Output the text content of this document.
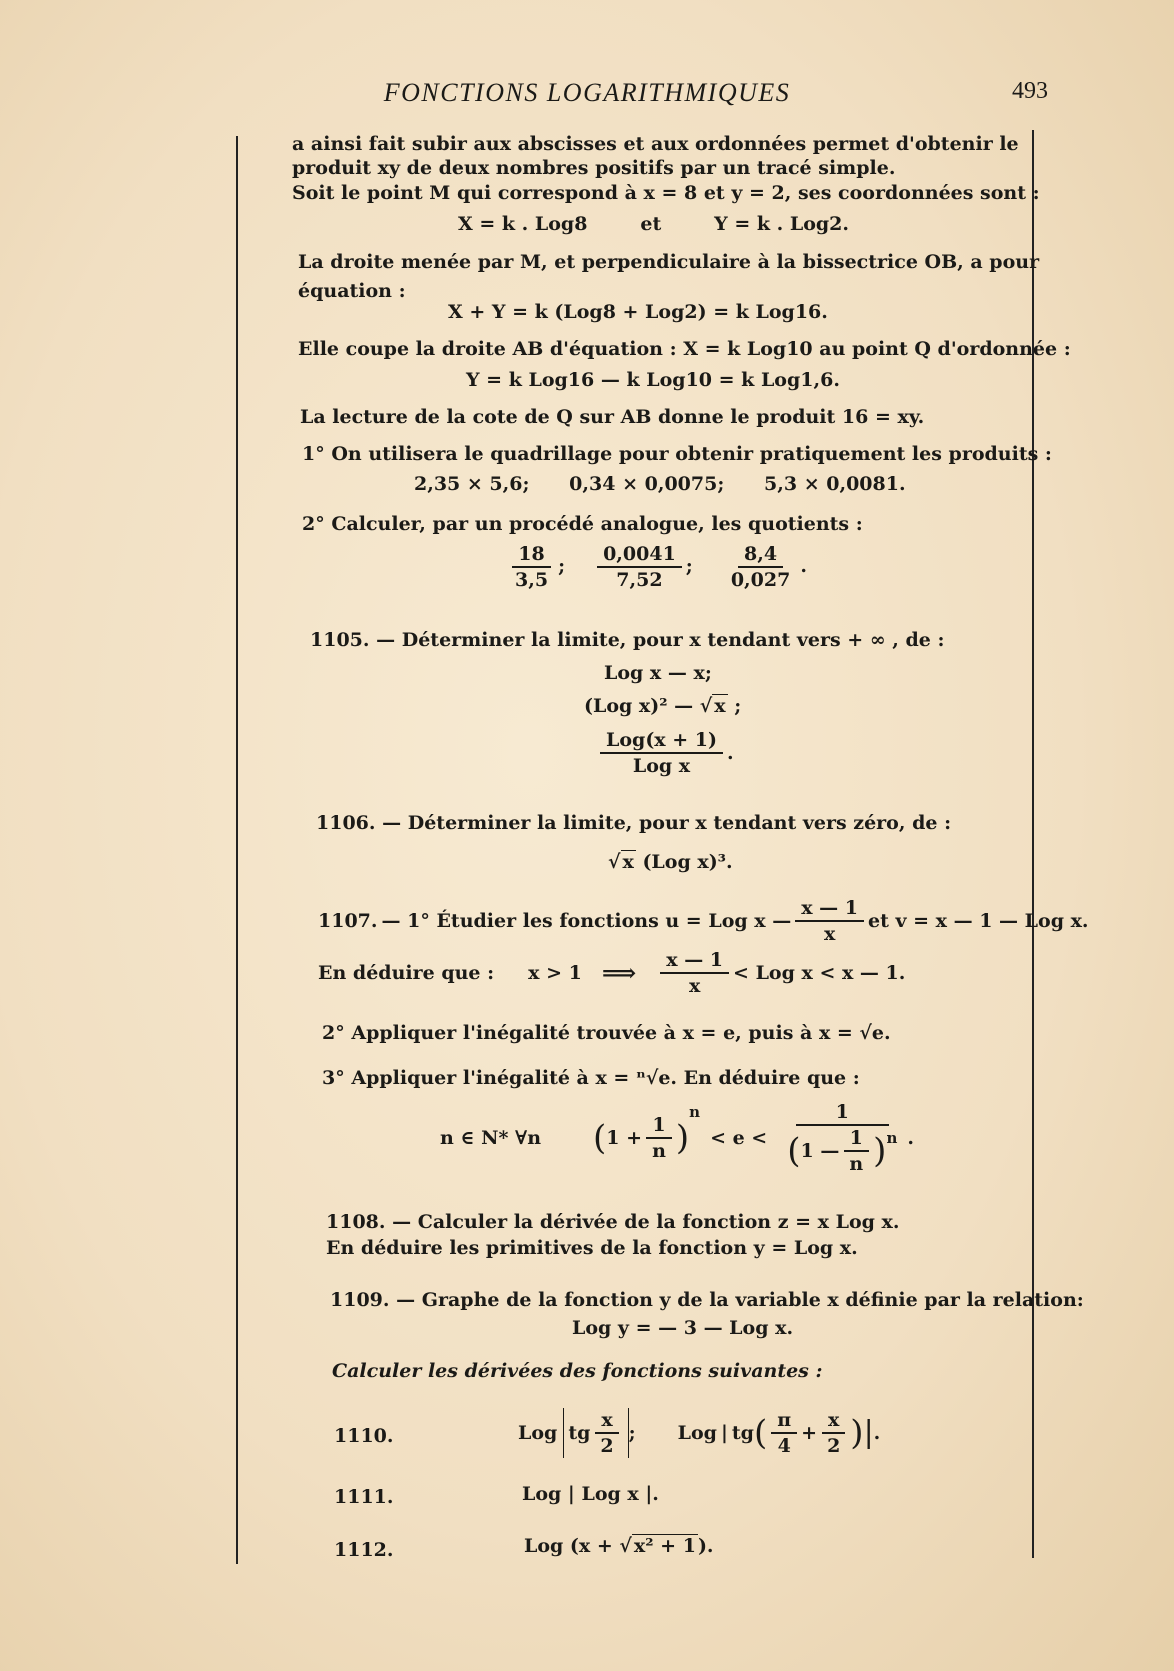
FONCTIONS LOGARITHMIQUES	493
a ainsi fait subir aux abscisses et aux ordonnées permet d'obtenir le
produit xy de deux nombres positifs par un tracé simple.
Soit le point M qui correspond à x = 8 et y = 2, ses coordonnées sont :
X = k . Log8        et        Y = k . Log2.
La droite menée par M, et perpendiculaire à la bissectrice OB, a pour
équation :
X + Y = k (Log8 + Log2) = k Log16.
Elle coupe la droite AB d'équation : X = k Log10 au point Q d'ordonnée :
Y = k Log16 — k Log10 = k Log1,6.
La lecture de la cote de Q sur AB donne le produit 16 = xy.
1° On utilisera le quadrillage pour obtenir pratiquement les produits :
2,35 × 5,6;      0,34 × 0,0075;      5,3 × 0,0081.
2° Calculer, par un procédé analogue, les quotients :
$\frac{18}{3,5}$ ; $\frac{0,0041}{7,52}$ ; $\frac{8,4}{0,027}$ .
1105. — Déterminer la limite, pour x tendant vers + ∞ , de :
Log x — x;
(Log x)² — √ x ;
$\frac{\text{Log(x + 1)}}{\text{Log x}}$ .
1106. — Déterminer la limite, pour x tendant vers zéro, de :
√ x (Log x)³.
1107. — 1° Étudier les fonctions u = Log x — $\frac{x — 1}{x}$ et v = x — 1 — Log x.
En déduire que : x > 1 ⟹ $\frac{x — 1}{x}$ < Log x < x — 1.
2° Appliquer l'inégalité trouvée à x = e, puis à x = √e.
3° Appliquer l'inégalité à x = ⁿ√e. En déduire que :
n ∈ N* ∀n ( $1 + \frac{1}{n}$ )
n
< $e < \frac{1}{( 1 — \frac{1}{n} )^n}$ .
1108. — Calculer la dérivée de la fonction z = x Log x.
En déduire les primitives de la fonction y = Log x.
1109. — Graphe de la fonction y de la variable x définie par la relation:
Log y = — 3 — Log x.
Calculer les dérivées des fonctions suivantes :
1110.	Log tg $\frac{x}{2}$ ; Log | tg ( $\frac{\pi}{4} + \frac{x}{2}$ ) | .
1111.	Log | Log x |.
1112.	Log (x + √ x² + 1 ).
